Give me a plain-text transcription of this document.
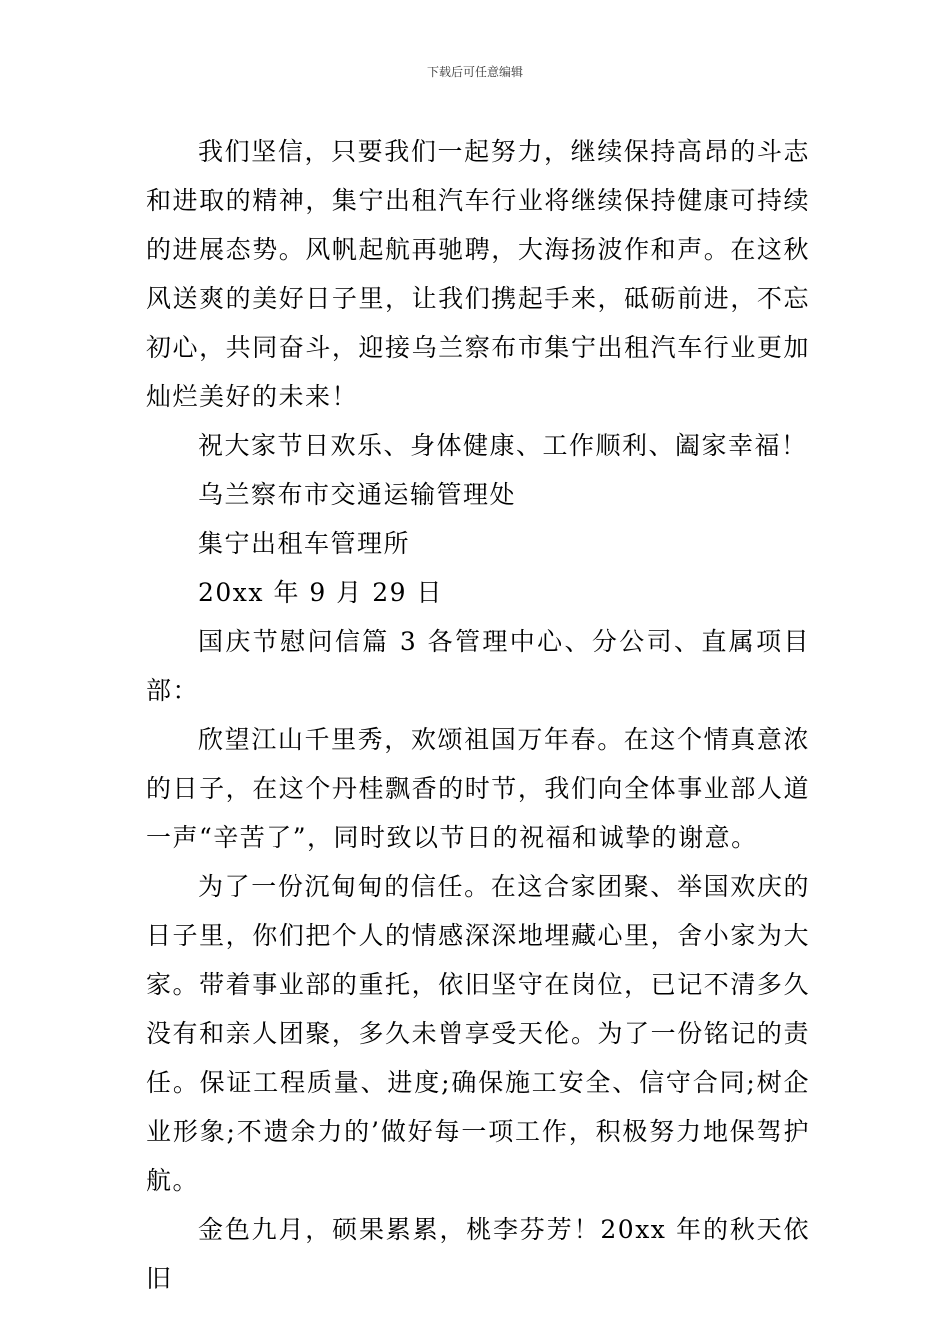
下载后可任意编辑

我们坚信，只要我们一起努力，继续保持高昂的斗志和进取的精神，集宁出租汽车行业将继续保持健康可持续的进展态势。风帆起航再驰聘，大海扬波作和声。在这秋风送爽的美好日子里，让我们携起手来，砥砺前进，不忘初心，共同奋斗，迎接乌兰察布市集宁出租汽车行业更加灿烂美好的未来！

祝大家节日欢乐、身体健康、工作顺利、阖家幸福！

乌兰察布市交通运输管理处

集宁出租车管理所

20xx 年 9 月 29 日

国庆节慰问信篇 3 各管理中心、分公司、直属项目部：

欣望江山千里秀，欢颂祖国万年春。在这个情真意浓的日子，在这个丹桂飘香的时节，我们向全体事业部人道一声“辛苦了”，同时致以节日的祝福和诚挚的谢意。

为了一份沉甸甸的信任。在这合家团聚、举国欢庆的日子里，你们把个人的情感深深地埋藏心里，舍小家为大家。带着事业部的重托，依旧坚守在岗位，已记不清多久没有和亲人团聚，多久未曾享受天伦。为了一份铭记的责任。保证工程质量、进度;确保施工安全、信守合同;树企业形象;不遗余力的’做好每一项工作，积极努力地保驾护航。

金色九月，硕果累累，桃李芬芳！20xx 年的秋天依旧
